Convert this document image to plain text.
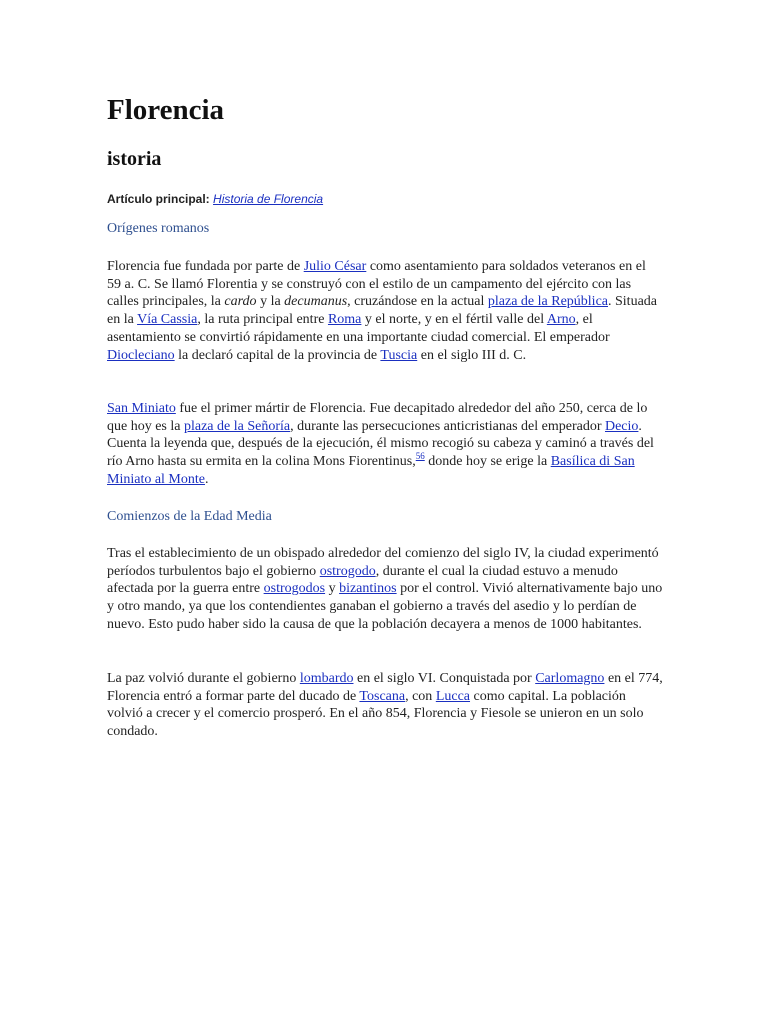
Florencia
istoria
Artículo principal: Historia de Florencia
Orígenes romanos

Florencia fue fundada por parte de Julio César como asentamiento para soldados veteranos en el 59 a. C. Se llamó Florentia y se construyó con el estilo de un campamento del ejército con las calles principales, la cardo y la decumanus, cruzándose en la actual plaza de la República. Situada en la Vía Cassia, la ruta principal entre Roma y el norte, y en el fértil valle del Arno, el asentamiento se convirtió rápidamente en una importante ciudad comercial. El emperador Diocleciano la declaró capital de la provincia de Tuscia en el siglo III d. C.

San Miniato fue el primer mártir de Florencia. Fue decapitado alrededor del año 250, cerca de lo que hoy es la plaza de la Señoría, durante las persecuciones anticristianas del emperador Decio. Cuenta la leyenda que, después de la ejecución, él mismo recogió su cabeza y caminó a través del río Arno hasta su ermita en la colina Mons Fiorentinus,$^{56}$ donde hoy se erige la Basílica di San Miniato al Monte.

Comienzos de la Edad Media

Tras el establecimiento de un obispado alrededor del comienzo del siglo IV, la ciudad experimentó períodos turbulentos bajo el gobierno ostrogodo, durante el cual la ciudad estuvo a menudo afectada por la guerra entre ostrogodos y bizantinos por el control. Vivió alternativamente bajo uno y otro mando, ya que los contendientes ganaban el gobierno a través del asedio y lo perdían de nuevo. Esto pudo haber sido la causa de que la población decayera a menos de 1000 habitantes.

La paz volvió durante el gobierno lombardo en el siglo VI. Conquistada por Carlomagno en el 774, Florencia entró a formar parte del ducado de Toscana, con Lucca como capital. La población volvió a crecer y el comercio prosperó. En el año 854, Florencia y Fiesole se unieron en un solo condado.
